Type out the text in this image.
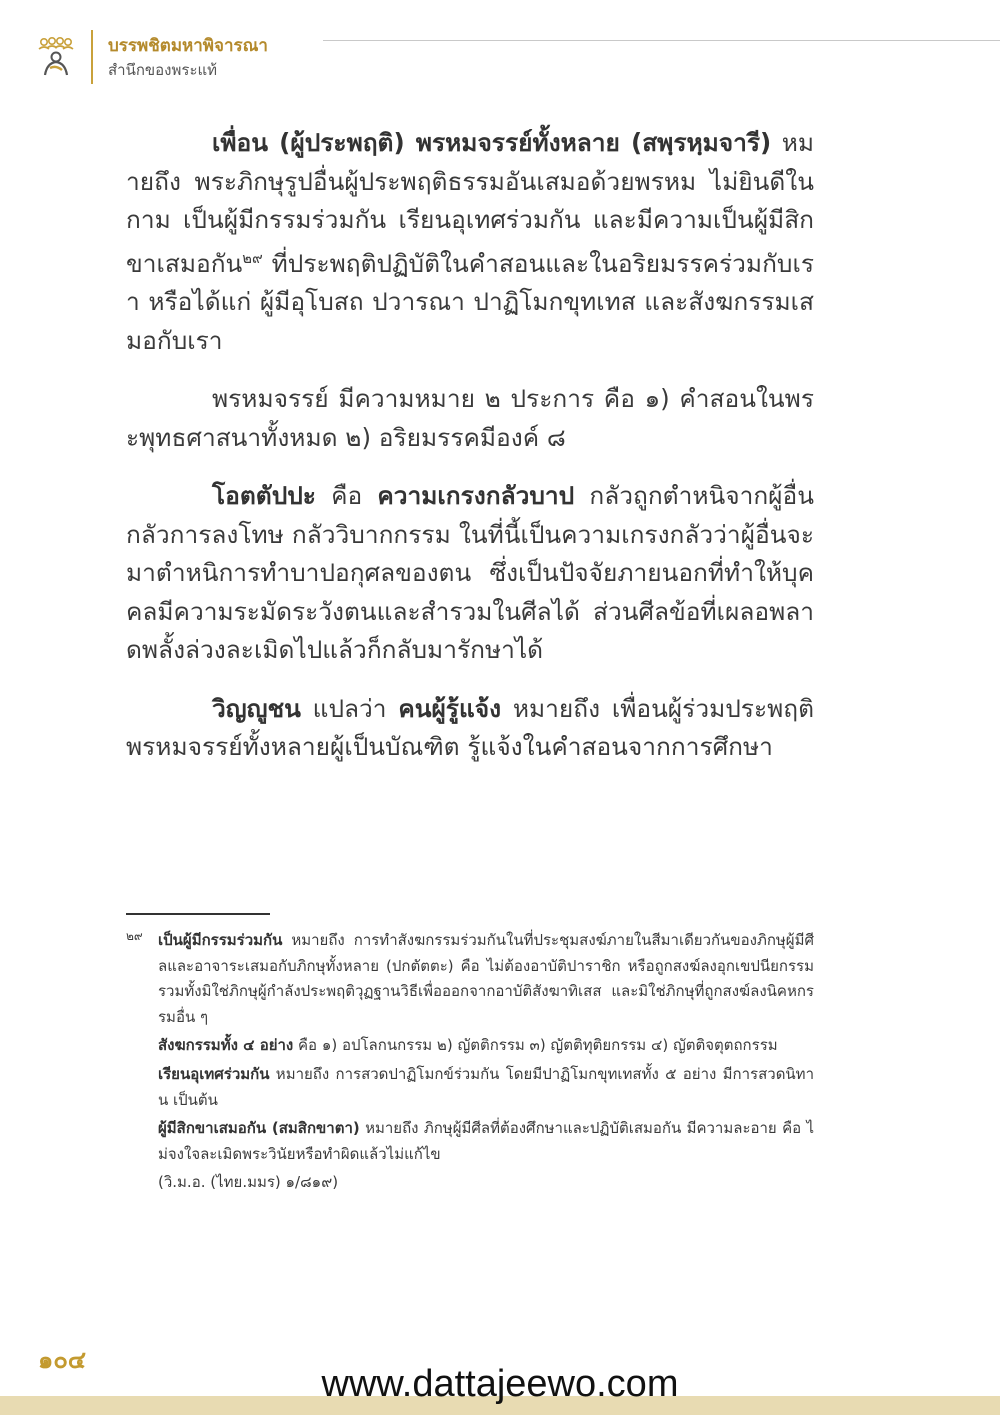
บรรพชิตมหาพิจารณา
สำนึกของพระแท้

เพื่อน (ผู้ประพฤติ) พรหมจรรย์ทั้งหลาย (สพฺรหฺมจารี) หมายถึง พระภิกษุรูปอื่นผู้ประพฤติธรรมอันเสมอด้วยพรหม ไม่ยินดีในกาม เป็นผู้มีกรรมร่วมกัน เรียนอุเทศร่วมกัน และมีความเป็นผู้มีสิกขาเสมอกัน$^{๒๙}$ ที่ประพฤติปฏิบัติในคำสอนและในอริยมรรคร่วมกับเรา หรือได้แก่ ผู้มีอุโบสถ ปวารณา ปาฏิโมกขุทเทส และสังฆกรรมเสมอกับเรา

พรหมจรรย์ มีความหมาย ๒ ประการ คือ ๑) คำสอนในพระพุทธศาสนาทั้งหมด ๒) อริยมรรคมีองค์ ๘

โอตตัปปะ คือ ความเกรงกลัวบาป กลัวถูกตำหนิจากผู้อื่น กลัวการลงโทษ กลัววิบากกรรม ในที่นี้เป็นความเกรงกลัวว่าผู้อื่นจะมาตำหนิการทำบาปอกุศลของตน ซึ่งเป็นปัจจัยภายนอกที่ทำให้บุคคลมีความระมัดระวังตนและสำรวมในศีลได้ ส่วนศีลข้อที่เผลอพลาดพลั้งล่วงละเมิดไปแล้วก็กลับมารักษาได้

วิญญูชน แปลว่า คนผู้รู้แจ้ง หมายถึง เพื่อนผู้ร่วมประพฤติพรหมจรรย์ทั้งหลายผู้เป็นบัณฑิต รู้แจ้งในคำสอนจากการศึกษา

๒๙ เป็นผู้มีกรรมร่วมกัน หมายถึง การทำสังฆกรรมร่วมกันในที่ประชุมสงฆ์ภายในสีมาเดียวกันของภิกษุผู้มีศีลและอาจาระเสมอกับภิกษุทั้งหลาย (ปกตัตตะ) คือ ไม่ต้องอาบัติปาราชิก หรือถูกสงฆ์ลงอุกเขปนียกรรม รวมทั้งมิใช่ภิกษุผู้กำลังประพฤติวุฏฐานวิธีเพื่อออกจากอาบัติสังฆาทิเสส และมิใช่ภิกษุที่ถูกสงฆ์ลงนิคหกรรมอื่น ๆ
สังฆกรรมทั้ง ๔ อย่าง คือ ๑) อปโลกนกรรม ๒) ญัตติกรรม ๓) ญัตติทุติยกรรม ๔) ญัตติจตุตถกรรม
เรียนอุเทศร่วมกัน หมายถึง การสวดปาฏิโมกข์ร่วมกัน โดยมีปาฏิโมกขุทเทสทั้ง ๕ อย่าง มีการสวดนิทาน เป็นต้น
ผู้มีสิกขาเสมอกัน (สมสิกขาตา) หมายถึง ภิกษุผู้มีศีลที่ต้องศึกษาและปฏิบัติเสมอกัน มีความละอาย คือ ไม่จงใจละเมิดพระวินัยหรือทำผิดแล้วไม่แก้ไข
(วิ.ม.อ. (ไทย.มมร) ๑/๘๑๙)
๑๐๔
www.dattajeewo.com
